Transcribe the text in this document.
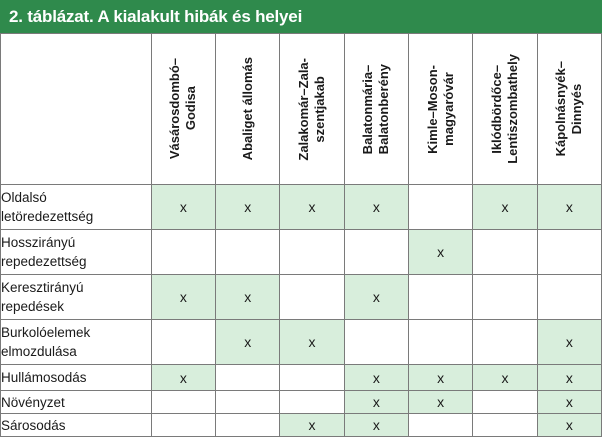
2. táblázat. A kialakult hibák és helyei

	Vásárosdombó–
Godisa	Abaliget állomás	Zalakomár–Zala-
szentjakab	Balatonmária–
Balatonberény	Kimle–Moson-
magyaróvár	Iklódbördőce–
Lentiszombathely	Kápolnásnyék–
Dinnyés

Oldalsó
letöredezettség	x	x	x	x		x	x
Hosszirányú
repedezettség					x		
Keresztirányú
repedések	x	x		x			
Burkolóelemek
elmozdulása		x	x				x
Hullámosodás	x			x	x	x	x
Növényzet				x	x		x
Sárosodás			x	x			x
